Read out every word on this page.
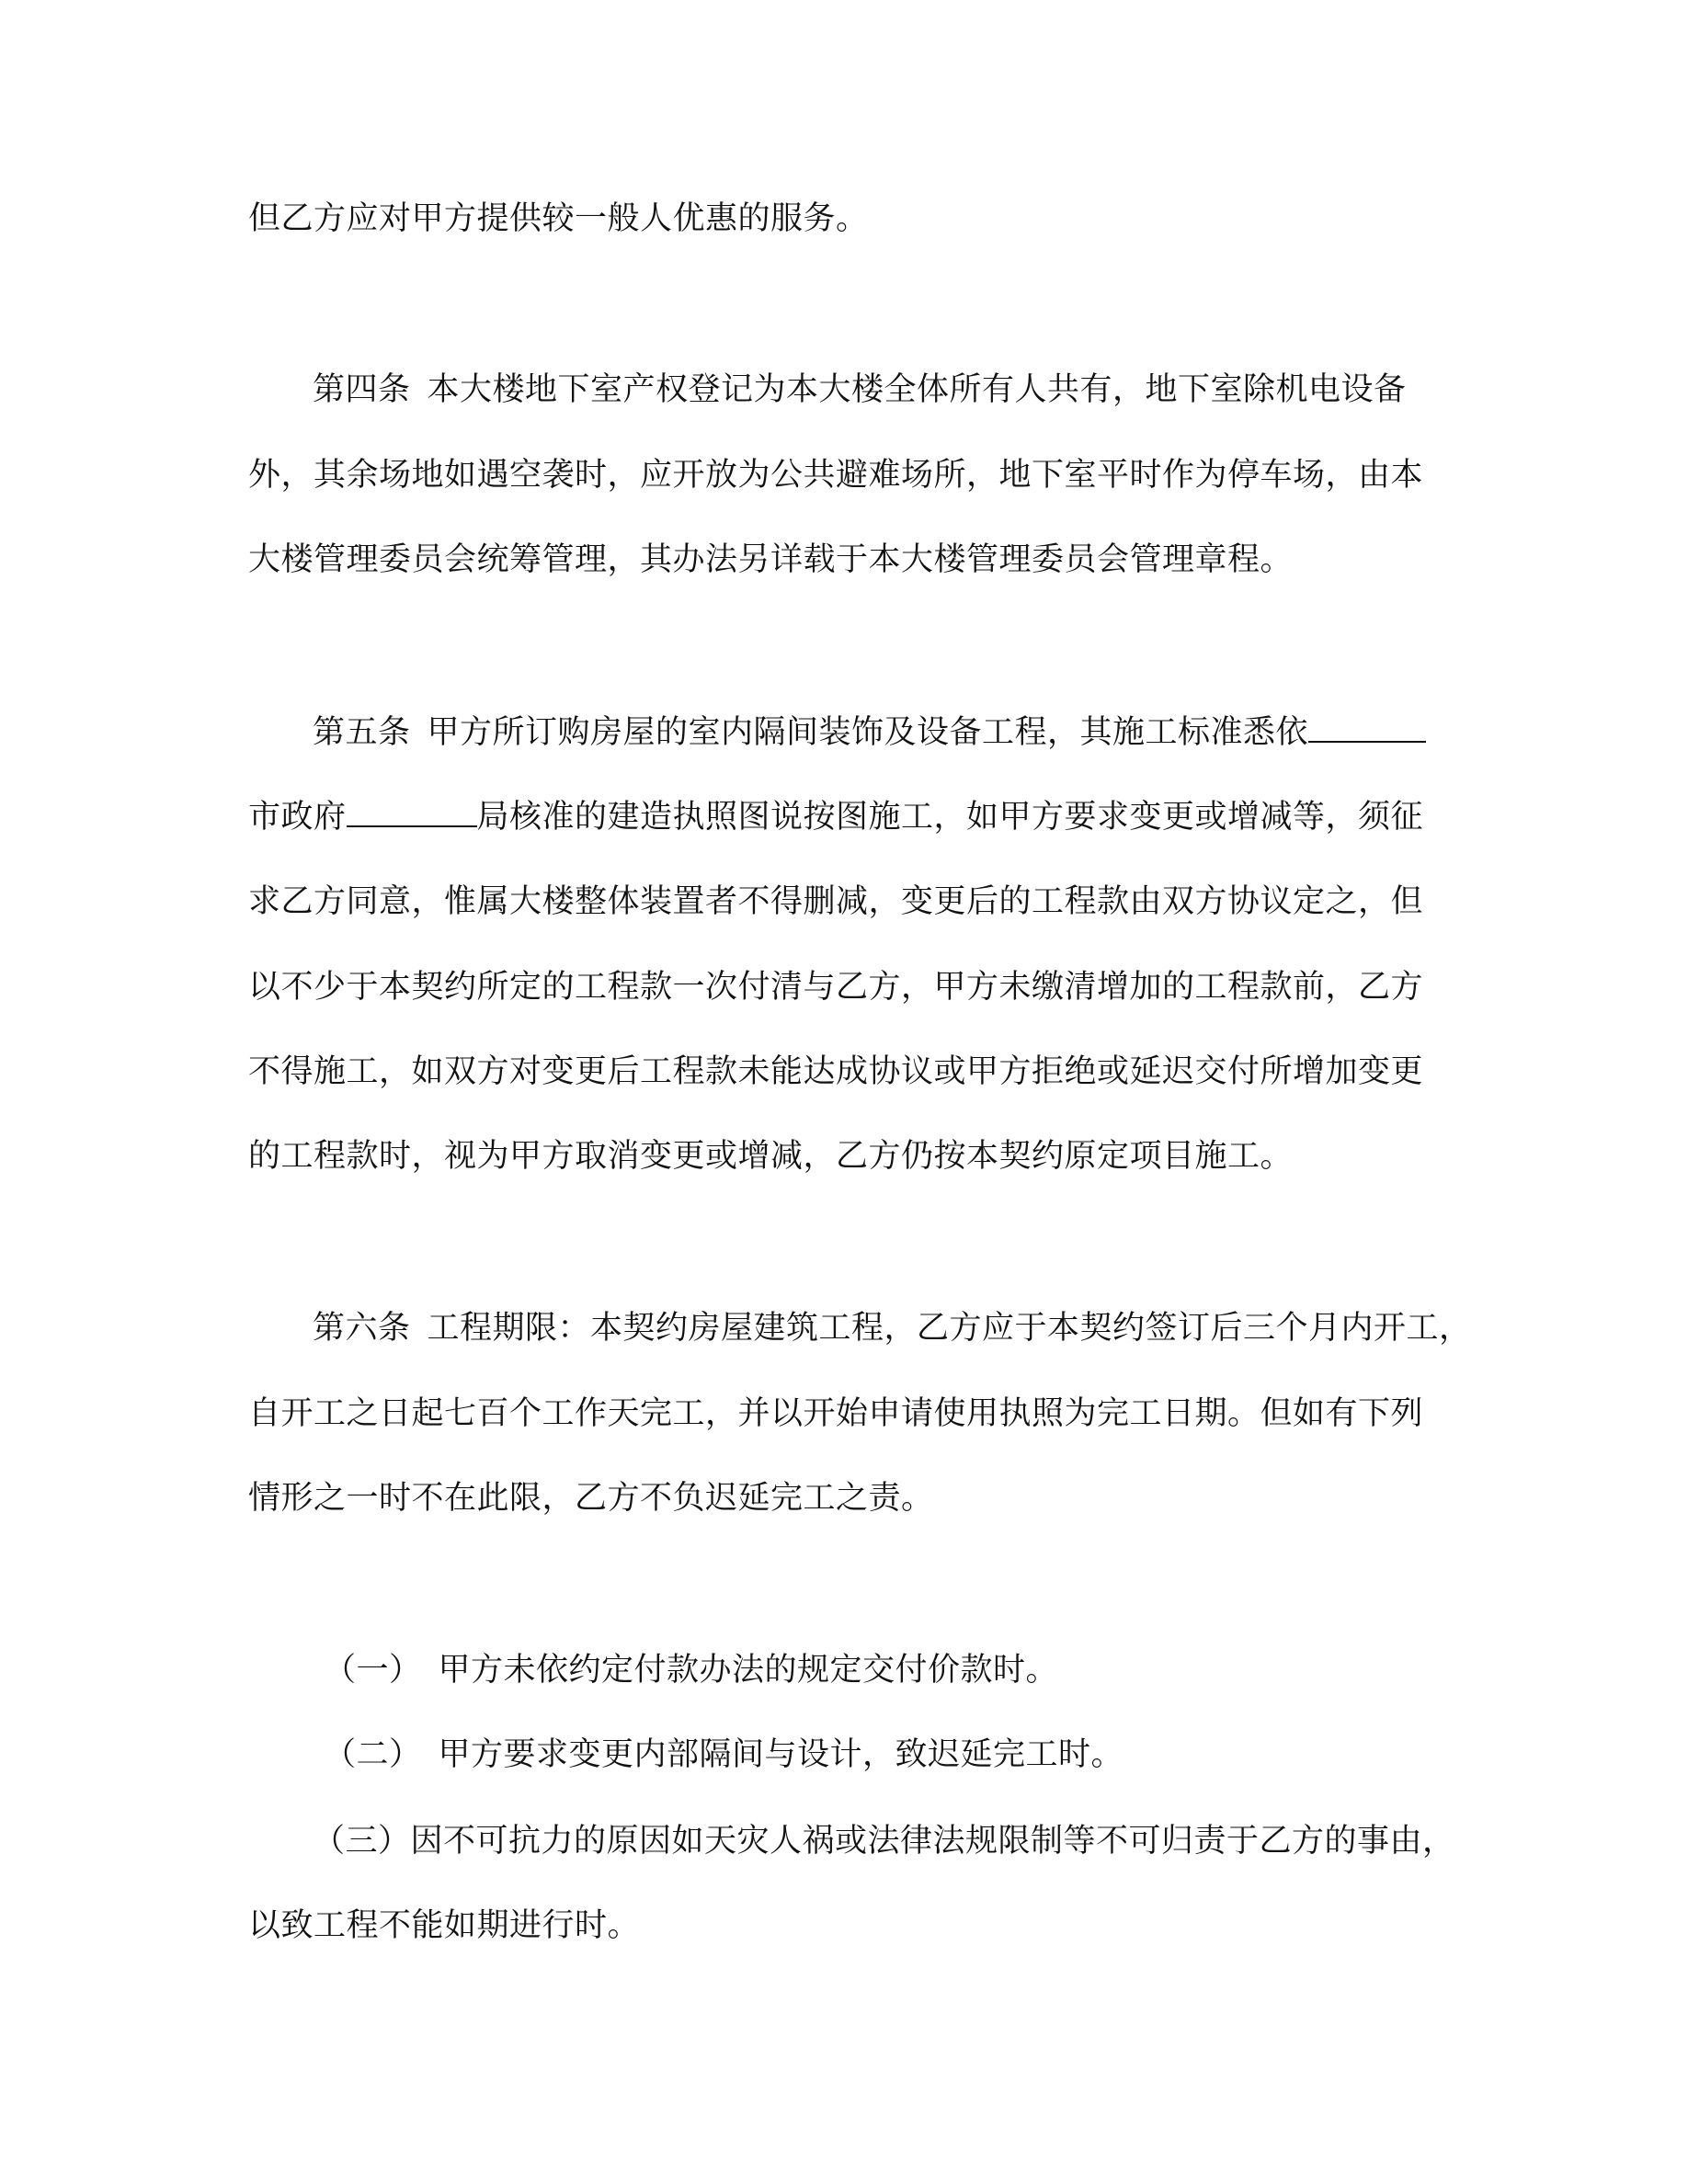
但乙方应对甲方提供较一般人优惠的服务。
第四条 本大楼地下室产权登记为本大楼全体所有人共有，地下室除机电设备
外，其余场地如遇空袭时，应开放为公共避难场所，地下室平时作为停车场，由本
大楼管理委员会统筹管理，其办法另详载于本大楼管理委员会管理章程。
第五条 甲方所订购房屋的室内隔间装饰及设备工程，其施工标准悉依
市政府	局核准的建造执照图说按图施工，如甲方要求变更或增减等，须征
求乙方同意，惟属大楼整体装置者不得删减，变更后的工程款由双方协议定之，但
以不少于本契约所定的工程款一次付清与乙方，甲方未缴清增加的工程款前，乙方
不得施工，如双方对变更后工程款未能达成协议或甲方拒绝或延迟交付所增加变更
的工程款时，视为甲方取消变更或增减，乙方仍按本契约原定项目施工。
第六条 工程期限：本契约房屋建筑工程，乙方应于本契约签订后三个月内开工，
自开工之日起七百个工作天完工，并以开始申请使用执照为完工日期。但如有下列
情形之一时不在此限，乙方不负迟延完工之责。
（一） 甲方未依约定付款办法的规定交付价款时。
（二） 甲方要求变更内部隔间与设计，致迟延完工时。
（三）因不可抗力的原因如天灾人祸或法律法规限制等不可归责于乙方的事由，
以致工程不能如期进行时。
